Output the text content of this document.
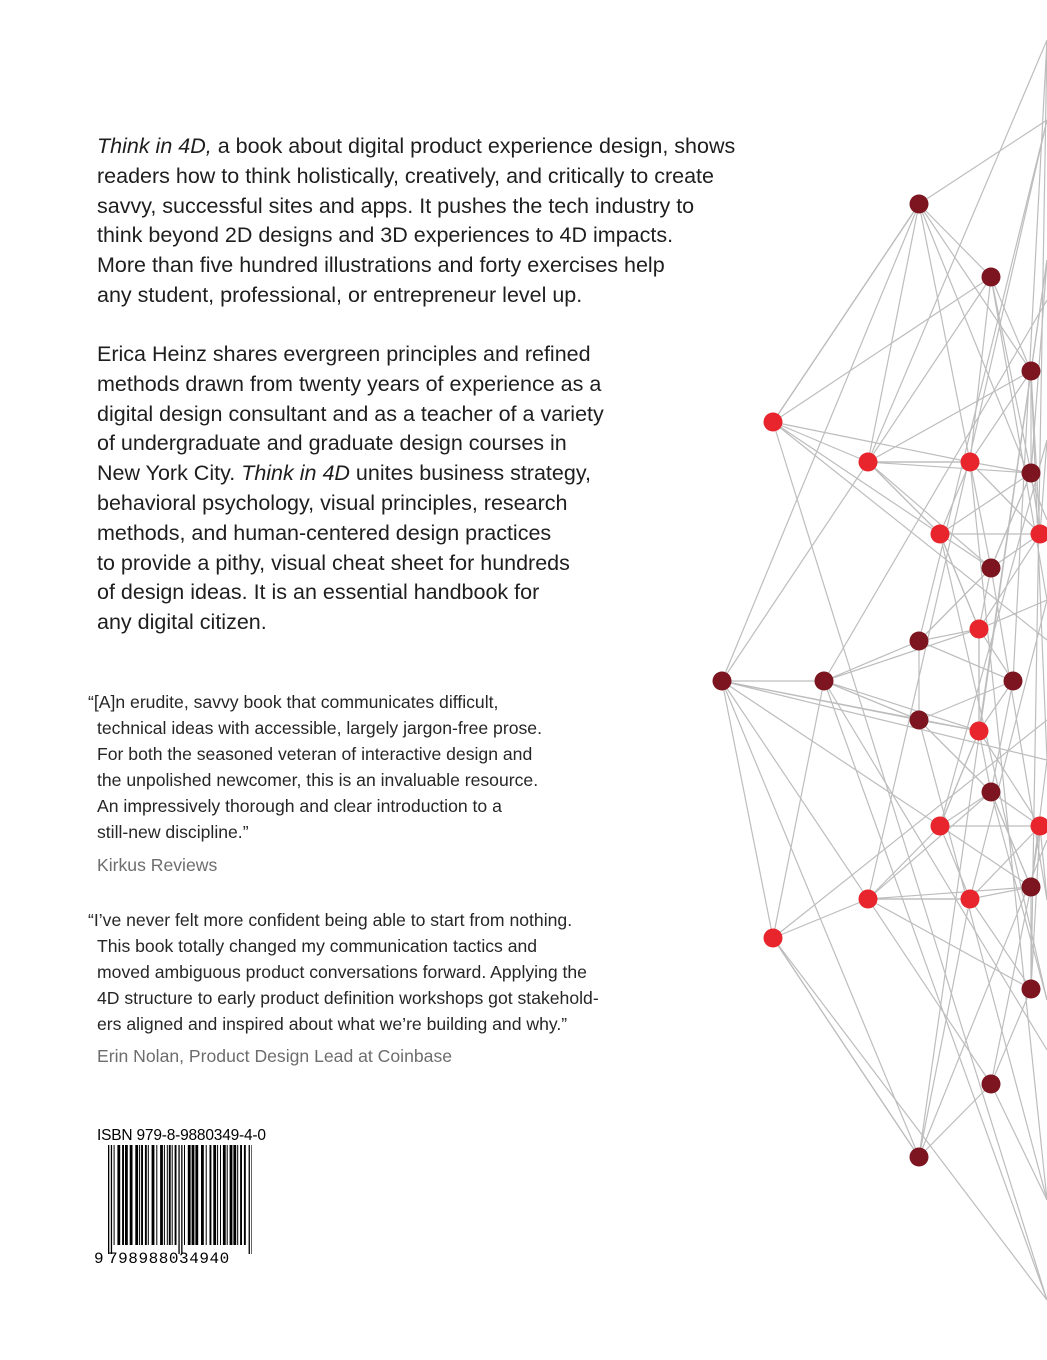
Think in 4D, a book about digital product experience design, shows
readers how to think holistically, creatively, and critically to create
savvy, successful sites and apps. It pushes the tech industry to
think beyond 2D designs and 3D experiences to 4D impacts.
More than five hundred illustrations and forty exercises help
any student, professional, or entrepreneur level up.

Erica Heinz shares evergreen principles and refined
methods drawn from twenty years of experience as a
digital design consultant and as a teacher of a variety
of undergraduate and graduate design courses in
New York City. Think in 4D unites business strategy,
behavioral psychology, visual principles, research
methods, and human-centered design practices
to provide a pithy, visual cheat sheet for hundreds
of design ideas. It is an essential handbook for
any digital citizen.

“[A]n erudite, savvy book that communicates difficult,
technical ideas with accessible, largely jargon-free prose.
For both the seasoned veteran of interactive design and
the unpolished newcomer, this is an invaluable resource.
An impressively thorough and clear introduction to a
still-new discipline.”

Kirkus Reviews

“I’ve never felt more confident being able to start from nothing.
This book totally changed my communication tactics and
moved ambiguous product conversations forward. Applying the
4D structure to early product definition workshops got stakehold-
ers aligned and inspired about what we’re building and why.”

Erin Nolan, Product Design Lead at Coinbase

ISBN 979-8-9880349-4-0
9 798988034940
